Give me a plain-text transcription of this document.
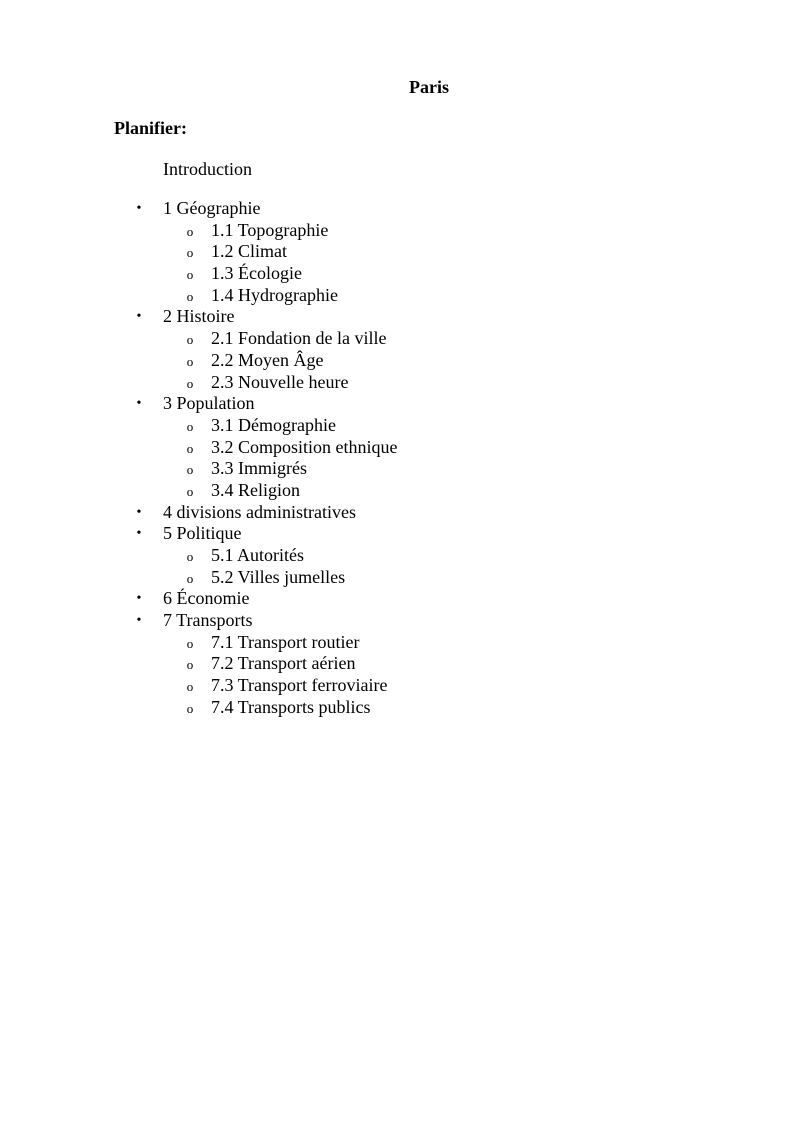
Paris
Planifier:
Introduction
• 1 Géographie
o 1.1 Topographie
o 1.2 Climat
o 1.3 Écologie
o 1.4 Hydrographie
• 2 Histoire
o 2.1 Fondation de la ville
o 2.2 Moyen Âge
o 2.3 Nouvelle heure
• 3 Population
o 3.1 Démographie
o 3.2 Composition ethnique
o 3.3 Immigrés
o 3.4 Religion
• 4 divisions administratives
• 5 Politique
o 5.1 Autorités
o 5.2 Villes jumelles
• 6 Économie
• 7 Transports
o 7.1 Transport routier
o 7.2 Transport aérien
o 7.3 Transport ferroviaire
o 7.4 Transports publics
